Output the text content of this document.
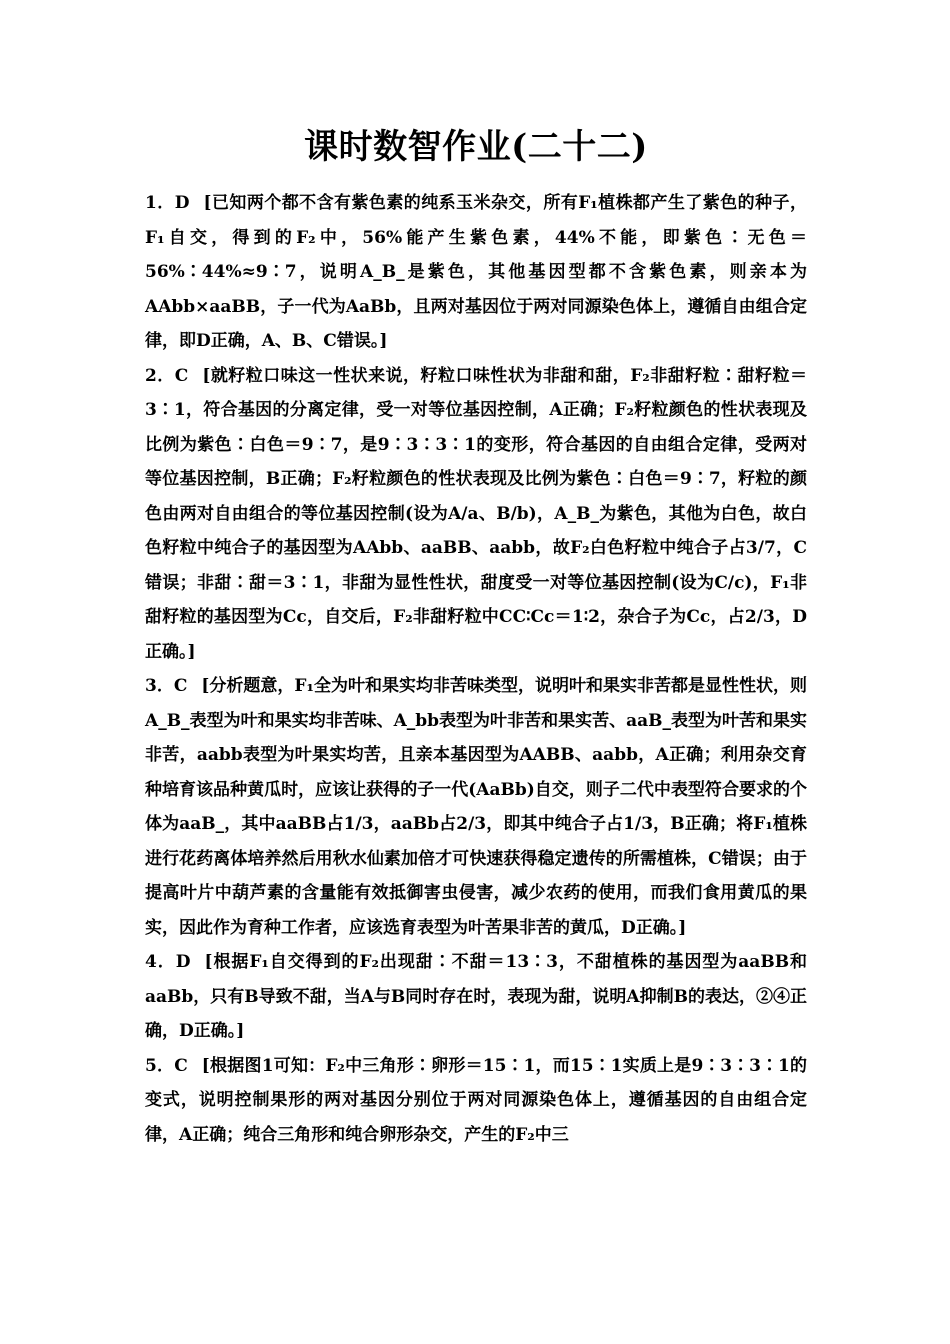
课时数智作业(二十二)

1．D [已知两个都不含有紫色素的纯系玉米杂交，所有F₁植株都产生了紫色的种子，F₁自交，得到的F₂中，56%能产生紫色素，44%不能，即紫色∶无色＝56%∶44%≈9∶7，说明A_B_是紫色，其他基因型都不含紫色素，则亲本为AAbb×aaBB，子一代为AaBb，且两对基因位于两对同源染色体上，遵循自由组合定律，即D正确，A、B、C错误。]

2．C [就籽粒口味这一性状来说，籽粒口味性状为非甜和甜，F₂非甜籽粒∶甜籽粒＝3∶1，符合基因的分离定律，受一对等位基因控制，A正确；F₂籽粒颜色的性状表现及比例为紫色∶白色＝9∶7，是9∶3∶3∶1的变形，符合基因的自由组合定律，受两对等位基因控制，B正确；F₂籽粒颜色的性状表现及比例为紫色∶白色＝9∶7，籽粒的颜色由两对自由组合的等位基因控制(设为A/a、B/b)，A_B_为紫色，其他为白色，故白色籽粒中纯合子的基因型为AAbb、aaBB、aabb，故F₂白色籽粒中纯合子占3/7，C错误；非甜∶甜＝3∶1，非甜为显性性状，甜度受一对等位基因控制(设为C/c)，F₁非甜籽粒的基因型为Cc，自交后，F₂非甜籽粒中CC∶Cc＝1∶2，杂合子为Cc，占2/3，D正确。]

3．C [分析题意，F₁全为叶和果实均非苦味类型，说明叶和果实非苦都是显性性状，则A_B_表型为叶和果实均非苦味、A_bb表型为叶非苦和果实苦、aaB_表型为叶苦和果实非苦，aabb表型为叶果实均苦，且亲本基因型为AABB、aabb，A正确；利用杂交育种培育该品种黄瓜时，应该让获得的子一代(AaBb)自交，则子二代中表型符合要求的个体为aaB_，其中aaBB占1/3，aaBb占2/3，即其中纯合子占1/3，B正确；将F₁植株进行花药离体培养然后用秋水仙素加倍才可快速获得稳定遗传的所需植株，C错误；由于提高叶片中葫芦素的含量能有效抵御害虫侵害，减少农药的使用，而我们食用黄瓜的果实，因此作为育种工作者，应该选育表型为叶苦果非苦的黄瓜，D正确。]

4．D [根据F₁自交得到的F₂出现甜∶不甜＝13∶3，不甜植株的基因型为aaBB和aaBb，只有B导致不甜，当A与B同时存在时，表现为甜，说明A抑制B的表达，②④正确，D正确。]

5．C [根据图1可知：F₂中三角形∶卵形＝15∶1，而15∶1实质上是9∶3∶3∶1的变式，说明控制果形的两对基因分别位于两对同源染色体上，遵循基因的自由组合定律，A正确；纯合三角形和纯合卵形杂交，产生的F₂中三
